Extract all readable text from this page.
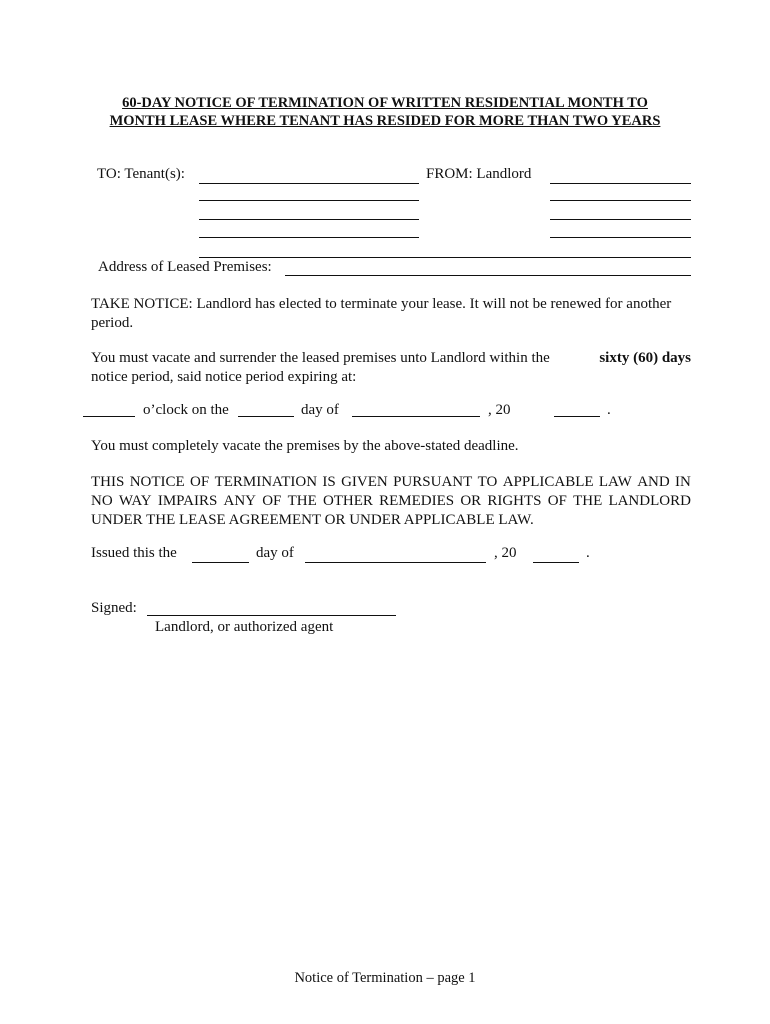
60-DAY NOTICE OF TERMINATION OF WRITTEN RESIDENTIAL MONTH TO
MONTH LEASE WHERE TENANT HAS RESIDED FOR MORE THAN TWO YEARS
TO: Tenant(s):	FROM: Landlord
Address of Leased Premises:
TAKE NOTICE: Landlord has elected to terminate your lease. It will not be renewed for another
period.
You must vacate and surrender the leased premises unto Landlord within the	sixty (60) days
notice period, said notice period expiring at:
o’clock on the	day of	, 20	.
You must completely vacate the premises by the above-stated deadline.
THIS NOTICE OF TERMINATION IS GIVEN PURSUANT TO APPLICABLE LAW AND IN
NO WAY IMPAIRS ANY OF THE OTHER REMEDIES OR RIGHTS OF THE LANDLORD
UNDER THE LEASE AGREEMENT OR UNDER APPLICABLE LAW.
Issued this the	day of	, 20	.
Signed:
Landlord, or authorized agent
Notice of Termination – page 1
